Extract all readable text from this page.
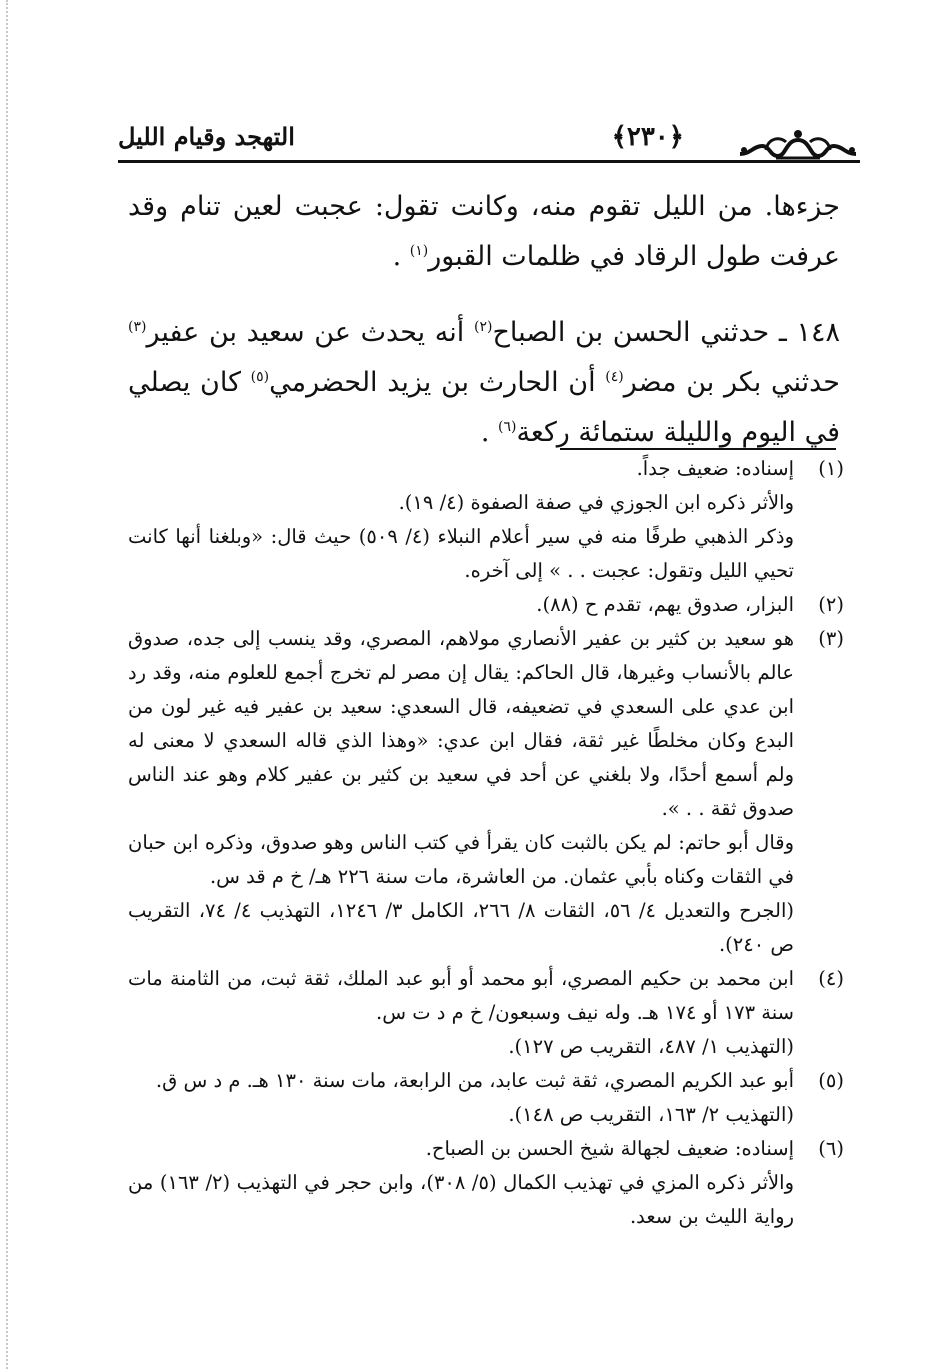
﴿٢٣٠﴾
التهجد وقيام الليل

جزءها. من الليل تقوم منه، وكانت تقول: عجبت لعين تنام وقد عرفت طول الرقاد في ظلمات القبور$^{(١)}$ .

١٤٨ ـ حدثني الحسن بن الصباح$^{(٢)}$ أنه يحدث عن سعيد بن عفير$^{(٣)}$ حدثني بكر بن مضر$^{(٤)}$ أن الحارث بن يزيد الحضرمي$^{(٥)}$ كان يصلي في اليوم والليلة ستمائة ركعة$^{(٦)}$ .

(١)
إسناده: ضعيف جداً.
والأثر ذكره ابن الجوزي في صفة الصفوة (٤/ ١٩).
وذكر الذهبي طرفًا منه في سير أعلام النبلاء (٤/ ٥٠٩) حيث قال: «وبلغنا أنها كانت تحيي الليل وتقول: عجبت . . » إلى آخره.
(٢)
البزار، صدوق يهم، تقدم ح (٨٨).
(٣)
هو سعيد بن كثير بن عفير الأنصاري مولاهم، المصري، وقد ينسب إلى جده، صدوق عالم بالأنساب وغيرها، قال الحاكم: يقال إن مصر لم تخرج أجمع للعلوم منه، وقد رد ابن عدي على السعدي في تضعيفه، قال السعدي: سعيد بن عفير فيه غير لون من البدع وكان مخلطًا غير ثقة، فقال ابن عدي: «وهذا الذي قاله السعدي لا معنى له ولم أسمع أحدًا، ولا بلغني عن أحد في سعيد بن كثير بن عفير كلام وهو عند الناس صدوق ثقة . . ».
وقال أبو حاتم: لم يكن بالثبت كان يقرأ في كتب الناس وهو صدوق، وذكره ابن حبان في الثقات وكناه بأبي عثمان. من العاشرة، مات سنة ٢٢٦ هـ/ خ م قد س.
(الجرح والتعديل ٤/ ٥٦، الثقات ٨/ ٢٦٦، الكامل ٣/ ١٢٤٦، التهذيب ٤/ ٧٤، التقريب ص ٢٤٠).
(٤)
ابن محمد بن حكيم المصري، أبو محمد أو أبو عبد الملك، ثقة ثبت، من الثامنة مات سنة ١٧٣ أو ١٧٤ هـ. وله نيف وسبعون/ خ م د ت س.
(التهذيب ١/ ٤٨٧، التقريب ص ١٢٧).
(٥)
أبو عبد الكريم المصري، ثقة ثبت عابد، من الرابعة، مات سنة ١٣٠ هـ. م د س ق.
(التهذيب ٢/ ١٦٣، التقريب ص ١٤٨).
(٦)
إسناده: ضعيف لجهالة شيخ الحسن بن الصباح.
والأثر ذكره المزي في تهذيب الكمال (٥/ ٣٠٨)، وابن حجر في التهذيب (٢/ ١٦٣) من رواية الليث بن سعد.
